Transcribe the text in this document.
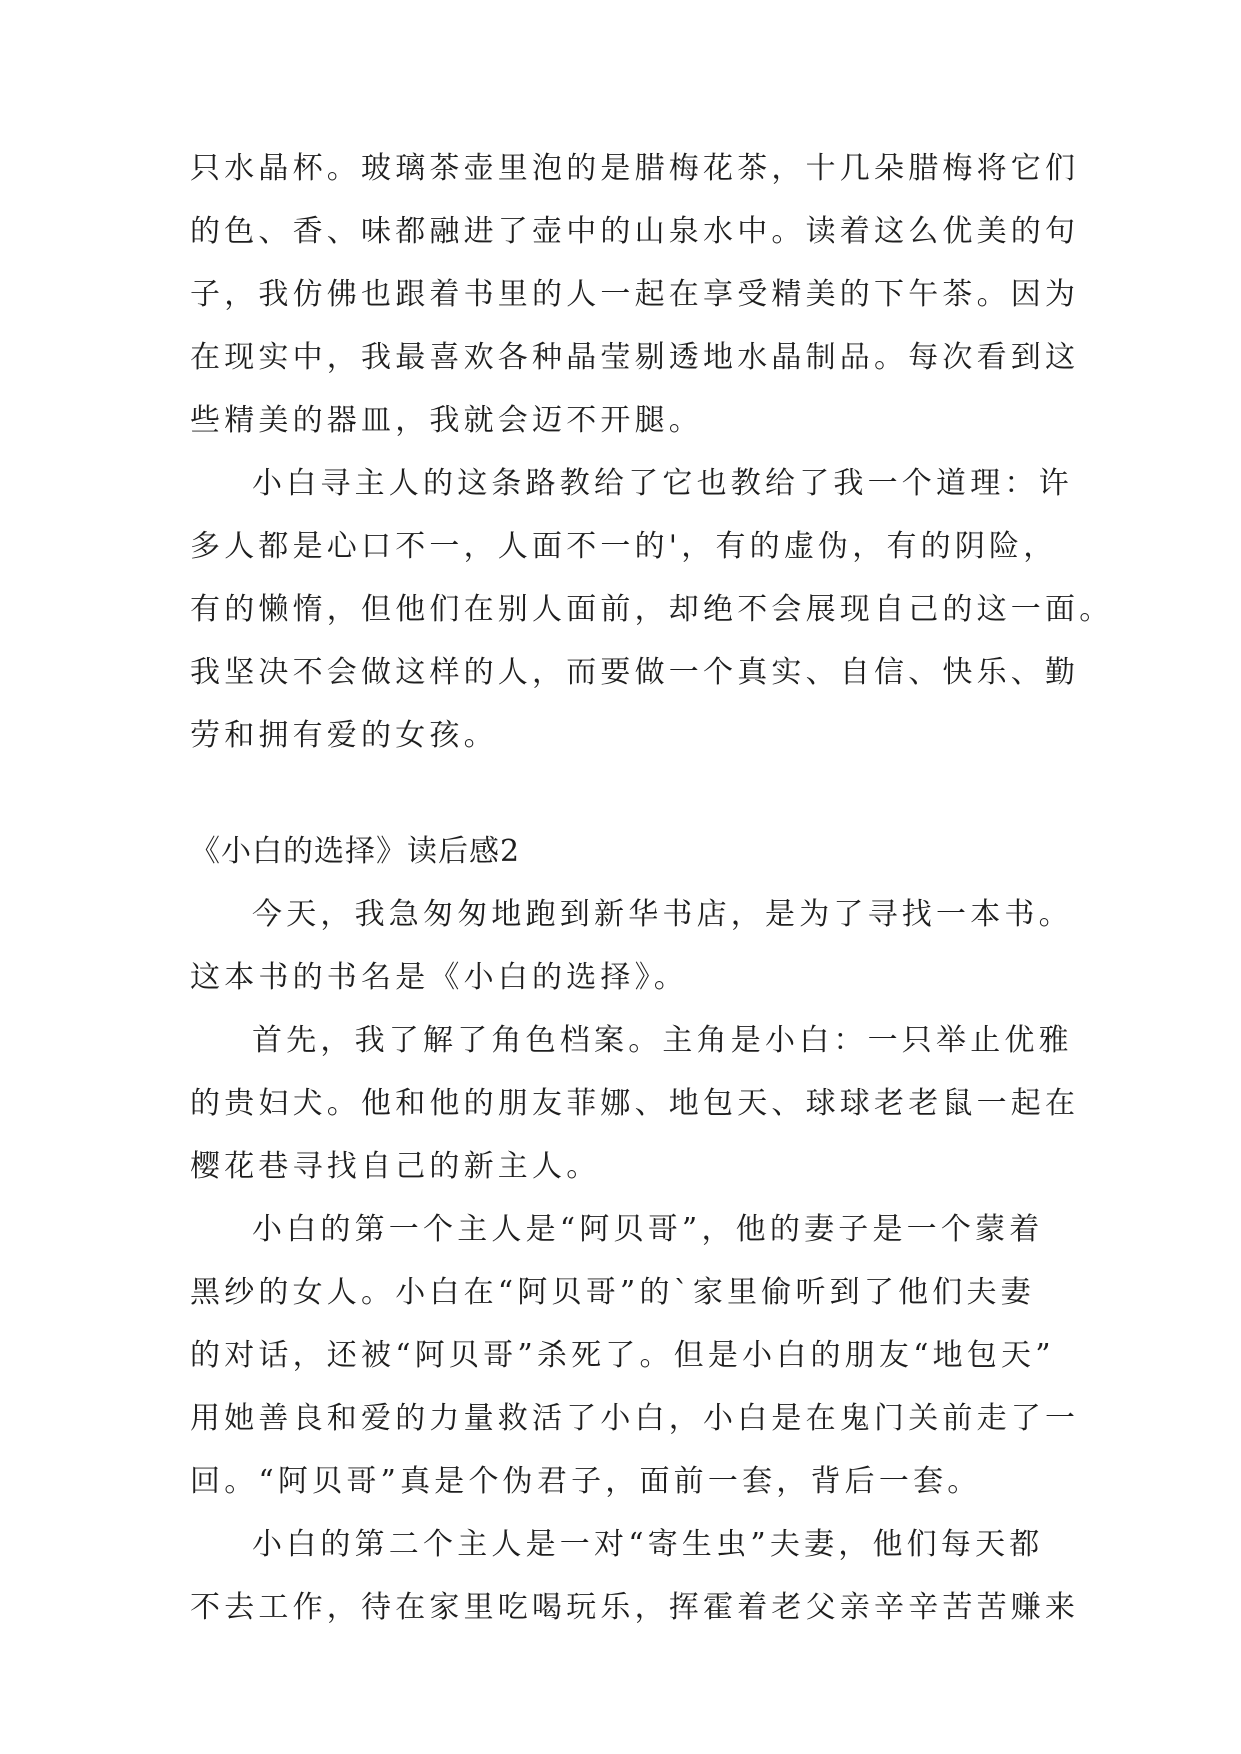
只水晶杯。玻璃茶壶里泡的是腊梅花茶，十几朵腊梅将它们
的色、香、味都融进了壶中的山泉水中。读着这么优美的句
子，我仿佛也跟着书里的人一起在享受精美的下午茶。因为
在现实中，我最喜欢各种晶莹剔透地水晶制品。每次看到这
些精美的器皿，我就会迈不开腿。
小白寻主人的这条路教给了它也教给了我一个道理：许
多人都是心口不一，人面不一的'，有的虚伪，有的阴险，
有的懒惰，但他们在别人面前，却绝不会展现自己的这一面。
我坚决不会做这样的人，而要做一个真实、自信、快乐、勤
劳和拥有爱的女孩。
《小白的选择》读后感2
今天，我急匆匆地跑到新华书店，是为了寻找一本书。
这本书的书名是《小白的选择》。
首先，我了解了角色档案。主角是小白：一只举止优雅
的贵妇犬。他和他的朋友菲娜、地包天、球球老老鼠一起在
樱花巷寻找自己的新主人。
小白的第一个主人是“阿贝哥”，他的妻子是一个蒙着
黑纱的女人。小白在“阿贝哥”的`家里偷听到了他们夫妻
的对话，还被“阿贝哥”杀死了。但是小白的朋友“地包天”
用她善良和爱的力量救活了小白，小白是在鬼门关前走了一
回。“阿贝哥”真是个伪君子，面前一套，背后一套。
小白的第二个主人是一对“寄生虫”夫妻，他们每天都
不去工作，待在家里吃喝玩乐，挥霍着老父亲辛辛苦苦赚来
